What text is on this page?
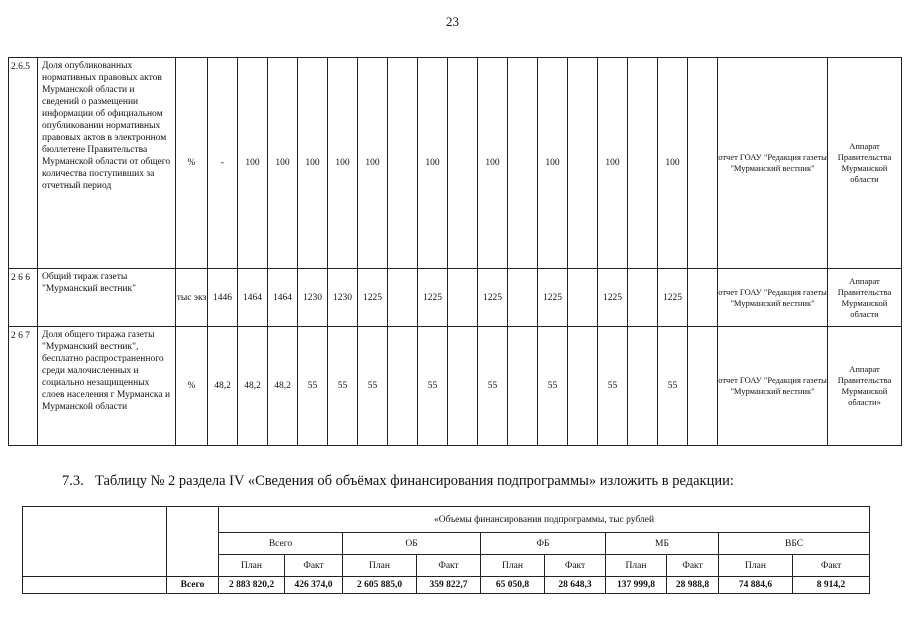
23
2.6.5	Доля опубликованных нормативных правовых актов Мурманской области и сведений о размещении информации об официальном опубликовании нормативных правовых актов в электронном бюллетене Правительства Мурманской области от общего количества поступивших за отчетный период	%	-	100	100	100	100	100		100		100		100		100		100		отчет ГОАУ "Редакция газеты "Мурманский вестник"	Аппарат Правительства Мурманской области
2 6 6	Общий тираж газеты "Мурманский вестник"	тыс экз	1446	1464	1464	1230	1230	1225		1225		1225		1225		1225		1225		отчет ГОАУ "Редакция газеты "Мурманский вестник"	Аппарат Правительства Мурманской области
2 6 7	Доля общего тиража газеты "Мурманский вестник", бесплатно распространенного среди малочисленных и социально незащищенных слоев населения г Мурманска и Мурманской области	%	48,2	48,2	48,2	55	55	55		55		55		55		55		55		отчет ГОАУ "Редакция газеты "Мурманский вестник"	Аппарат Правительства Мурманской области»
7.3. Таблицу № 2 раздела IV «Сведения об объёмах финансирования подпрограммы» изложить в редакции:
		«Объемы финансирования подпрограммы, тыс рублей									
		Всего		ОБ		ФБ		МБ		ВБС	
		План	Факт	План	Факт	План	Факт	План	Факт	План	Факт
	Всего	2 883 820,2	426 374,0	2 605 885,0	359 822,7	65 050,8	28 648,3	137 999,8	28 988,8	74 884,6	8 914,2
